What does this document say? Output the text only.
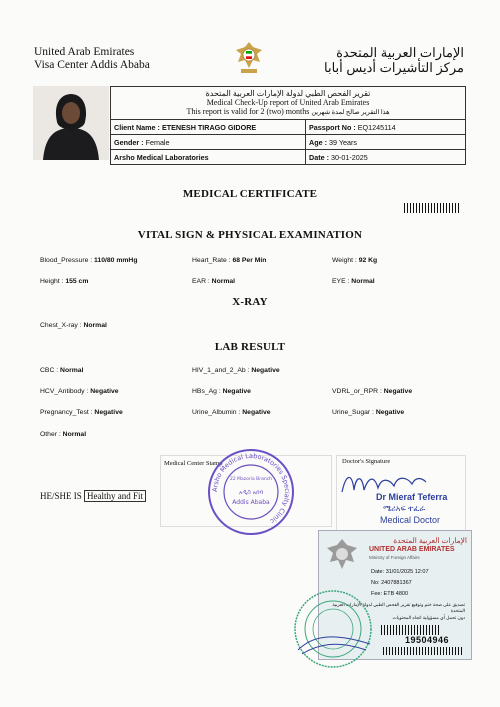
United Arab Emirates
Visa Center Addis Ababa
الإمارات العربية المتحدة
مركز التأشيرات أديس أبابا
تقرير الفحص الطبي لدولة الإمارات العربية المتحدة
Medical Check-Up report of United Arab Emirates
This report is valid for 2 (two) months هذا التقرير صالح لمدة شهرين	

Client Name : ETENESH TIRAGO GIDORE	Passport No : EQ1245114
Gender : Female	Age : 39 Years
Arsho Medical Laboratories	Date : 30-01-2025
MEDICAL CERTIFICATE
VITAL SIGN & PHYSICAL EXAMINATION
Blood_Pressure : 110/80 mmHg	Heart_Rate : 68 Per Min	Weight : 92 Kg
Height : 155 cm	EAR : Normal	EYE : Normal
X-RAY
Chest_X-ray : Normal
LAB RESULT
CBC : Normal	HIV_1_and_2_Ab : Negative
HCV_Antibody : Negative	HBs_Ag : Negative	VDRL_or_RPR : Negative
Pregnancy_Test : Negative	Urine_Albumin : Negative	Urine_Sugar : Negative
Other : Normal
Medical Center Stamp
Arsho Medical Laboratories Specialty Clinic
22 Mazoria Branch
አዲስ አበባ
Addis Ababa
HE/SHE IS Healthy and Fit
Doctor's Signature
Dr Mieraf Teferra
ሜሪአፍ ተፈራ
Medical Doctor
الإمارات العربية المتحدة
UNITED ARAB EMIRATES
Ministry of Foreign Affairs
Date: 31/01/2025 12:07
No: 2407881367
Fee: ETB 4800
تصديق على صحة ختم وتوقيع تقرير الفحص الطبي لدولة الإمارات العربية المتحدة
دون تحمل أي مسؤولية اتجاه المحتويات
19504946
